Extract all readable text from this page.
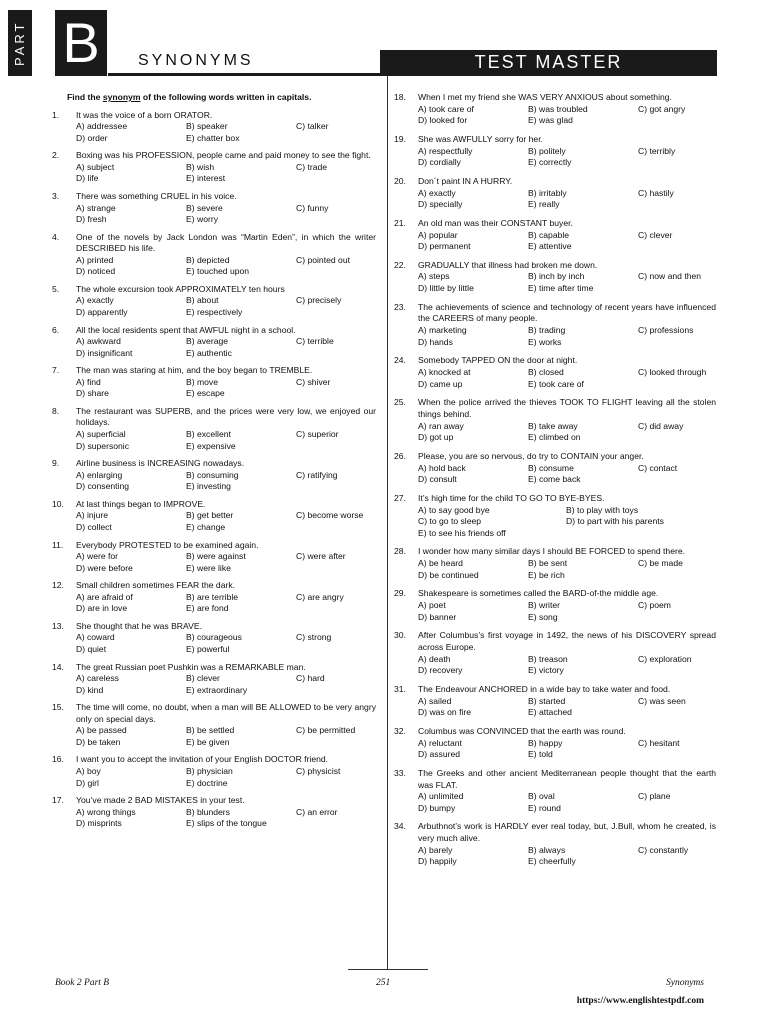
PART B	SYNONYMS	TEST MASTER
Find the synonym of the following words written in capitals.
1.	It was the voice of a born ORATOR.
A) addressee	B) speaker	C) talker
D) order	E) chatter box
2.	Boxing was his PROFESSION, people came and paid money to see the fight.
A) subject	B) wish	C) trade
D) life	E) interest
3.	There was something CRUEL in his voice.
A) strange	B) severe	C) funny
D) fresh	E) worry
4.	One of the novels by Jack London was “Martin Eden”, in which the writer DESCRIBED his life.
A) printed	B) depicted	C) pointed out
D) noticed	E) touched upon
5.	The whole excursion took APPROXIMATELY ten hours
A) exactly	B) about	C) precisely
D) apparently	E) respectively
6.	All the local residents spent that AWFUL night in a school.
A) awkward	B) average	C) terrible
D) insignificant	E) authentic
7.	The man was staring at him, and the boy began to TREMBLE.
A) find	B) move	C) shiver
D) share	E) escape
8.	The restaurant was SUPERB, and the prices were very low, we enjoyed our holidays.
A) superficial	B) excellent	C) superior
D) supersonic	E) expensive
9.	Airline business is INCREASING nowadays.
A) enlarging	B) consuming	C) ratifying
D) consenting	E) investing
10.	At last things began to IMPROVE.
A) injure	B) get better	C) become worse
D) collect	E) change
11.	Everybody PROTESTED to be examined again.
A) were for	B) were against	C) were after
D) were before	E) were like
12.	Small children sometimes FEAR the dark.
A) are afraid of	B) are terrible	C) are angry
D) are in love	E) are fond
13.	She thought that he was BRAVE.
A) coward	B) courageous	C) strong
D) quiet	E) powerful
14.	The great Russian poet Pushkin was a REMARKABLE man.
A) careless	B) clever	C) hard
D) kind	E) extraordinary
15.	The time will come, no doubt, when a man will BE ALLOWED to be very angry only on special days.
A) be passed	B) be settled	C) be permitted
D) be taken	E) be given
16.	I want you to accept the invitation of your English DOCTOR friend.
A) boy	B) physician	C) physicist
D) girl	E) doctrine
17.	You’ve made 2 BAD MISTAKES in your test.
A) wrong things	B) blunders	C) an error
D) misprints	E) slips of the tongue
18.	When I met my friend she WAS VERY ANXIOUS about something.
A) took care of	B) was troubled	C) got angry
D) looked for	E) was glad
19.	She was AWFULLY sorry for her.
A) respectfully	B) politely	C) terribly
D) cordially	E) correctly
20.	Don´t paint IN A HURRY.
A) exactly	B) irritably	C) hastily
D) specially	E) really
21.	An old man was their CONSTANT buyer.
A) popular	B) capable	C) clever
D) permanent	E) attentive
22.	GRADUALLY that illness had broken me down.
A) steps	B) inch by inch	C) now and then
D) little by little	E) time after time
23.	The achievements of science and technology of recent years have influenced the CAREERS of many people.
A) marketing	B) trading	C) professions
D) hands	E) works
24.	Somebody TAPPED ON the door at night.
A) knocked at	B) closed	C) looked through
D) came up	E) took care of
25.	When the police arrived the thieves TOOK TO FLIGHT leaving all the stolen things behind.
A) ran away	B) take away	C) did away
D) got up	E) climbed on
26.	Please, you are so nervous, do try to CONTAIN your anger.
A) hold back	B) consume	C) contact
D) consult	E) come back
27.	It’s high time for the child TO GO TO BYE-BYES.
A) to say good bye	B) to play with toys
C) to go to sleep	D) to part with his parents
E) to see his friends off
28.	I wonder how many similar days I should BE FORCED to spend there.
A) be heard	B) be sent	C) be made
D) be continued	E) be rich
29.	Shakespeare is sometimes called the BARD-of-the middle age.
A) poet	B) writer	C) poem
D) banner	E) song
30.	After Columbus’s first voyage in 1492, the news of his DISCOVERY spread across Europe.
A) death	B) treason	C) exploration
D) recovery	E) victory
31.	The Endeavour ANCHORED in a wide bay to take water and food.
A) sailed	B) started	C) was seen
D) was on fire	E) attached
32.	Columbus was CONVINCED that the earth was round.
A) reluctant	B) happy	C) hesitant
D) assured	E) told
33.	The Greeks and other ancient Mediterranean people thought that the earth was FLAT.
A) unlimited	B) oval	C) plane
D) bumpy	E) round
34.	Arbuthnot’s work is HARDLY ever real today, but, J.Bull, whom he created, is very much alive.
A) barely	B) always	C) constantly
D) happily	E) cheerfully
Book 2 Part B	251	Synonyms
https://www.englishtestpdf.com
